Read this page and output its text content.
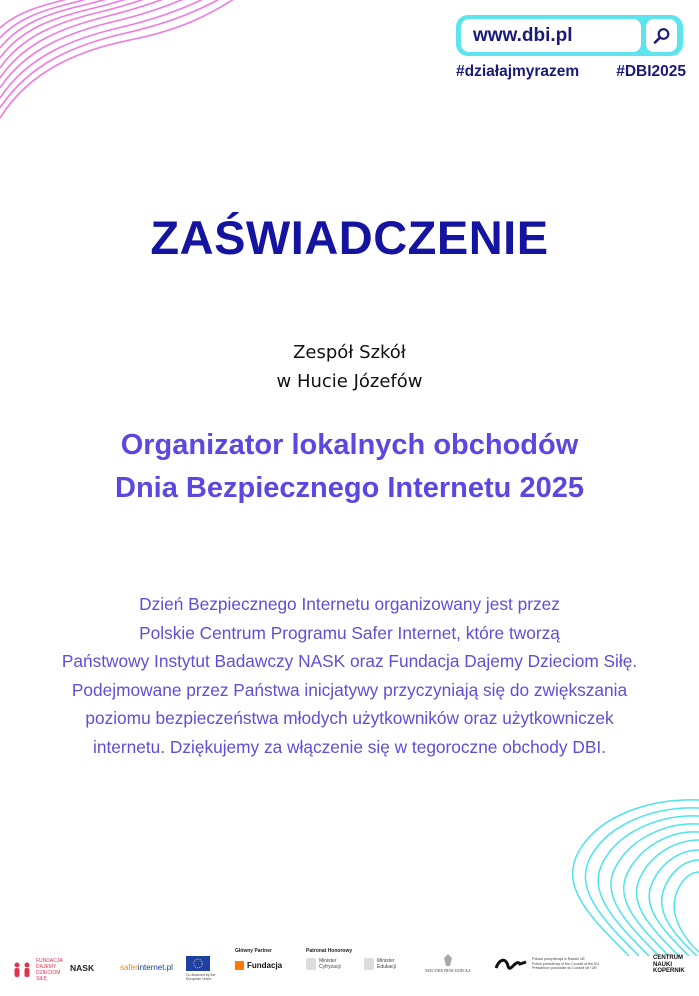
www.dbi.pl
#działajmyrazem #DBI2025
ZAŚWIADCZENIE
Zespół Szkół
w Hucie Józefów
Organizator lokalnych obchodów
Dnia Bezpiecznego Internetu 2025
Dzień Bezpiecznego Internetu organizowany jest przez
Polskie Centrum Programu Safer Internet, które tworzą
Państwowy Instytut Badawczy NASK oraz Fundacja Dajemy Dzieciom Siłę.
Podejmowane przez Państwa inicjatywy przyczyniają się do zwiększania
poziomu bezpieczeństwa młodych użytkowników oraz użytkowniczek
internetu. Dziękujemy za włączenie się w tegoroczne obchody DBI.
FUNDACJA DAJEMY DZIECIOM SIŁĘ
NASK	saferinternet.pl
Co-financed by the European Union
Główny Partner
Fundacja
Patronat Honorowy
Minister
Cyfryzacji
Minister
Edukacji
RZECZNIK PRAW DZIECKA
Polska prezydencja w Radzie UE
Polish presidency of the Council of the EU
Présidence polonaise du Conseil de l'UE
CENTRUM
NAUKI
KOPERNIK
